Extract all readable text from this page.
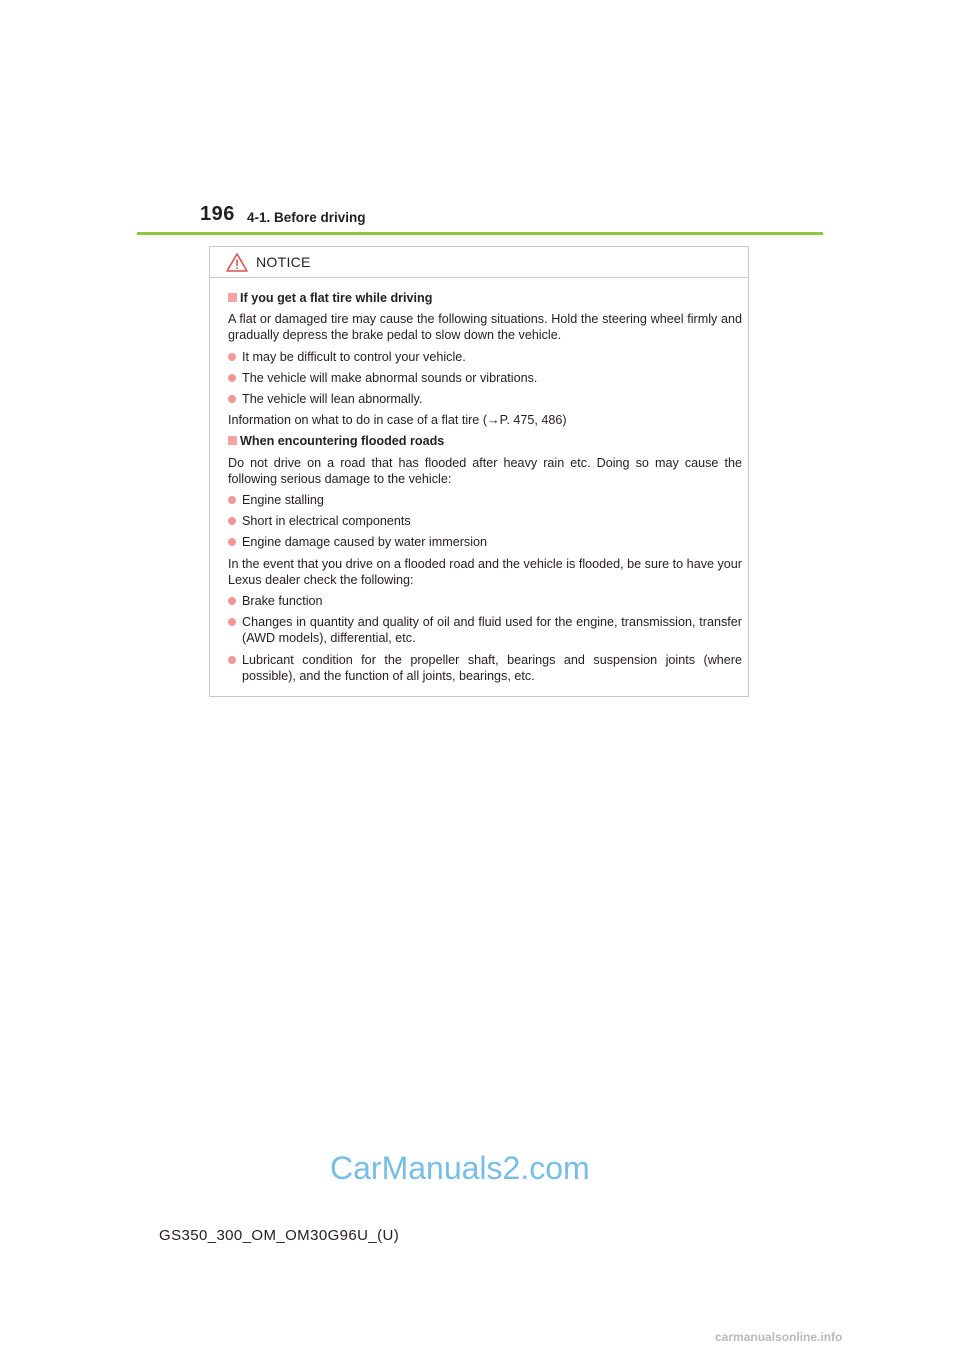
196 4-1. Before driving
NOTICE
If you get a flat tire while driving
A flat or damaged tire may cause the following situations. Hold the steering wheel firmly and gradually depress the brake pedal to slow down the vehicle.
It may be difficult to control your vehicle.
The vehicle will make abnormal sounds or vibrations.
The vehicle will lean abnormally.
Information on what to do in case of a flat tire (→P. 475, 486)
When encountering flooded roads
Do not drive on a road that has flooded after heavy rain etc. Doing so may cause the following serious damage to the vehicle:
Engine stalling
Short in electrical components
Engine damage caused by water immersion
In the event that you drive on a flooded road and the vehicle is flooded, be sure to have your Lexus dealer check the following:
Brake function
Changes in quantity and quality of oil and fluid used for the engine, transmission, transfer (AWD models), differential, etc.
Lubricant condition for the propeller shaft, bearings and suspension joints (where possible), and the function of all joints, bearings, etc.
CarManuals2.com
GS350_300_OM_OM30G96U_(U)
carmanualsonline.info
